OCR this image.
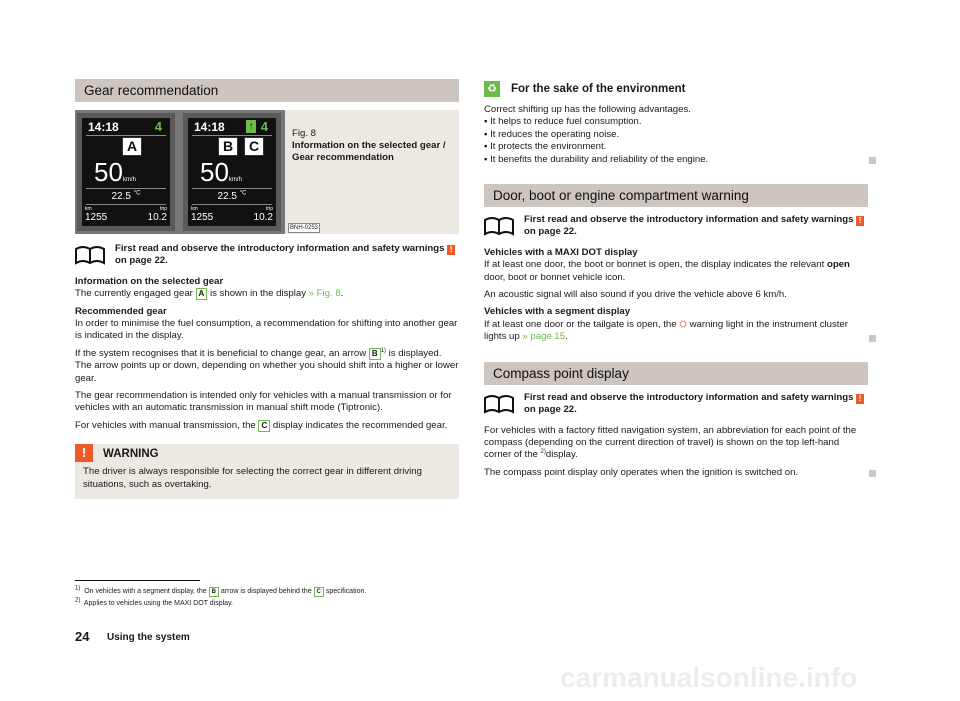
Gear recommendation
14:18	4
A
50km/h
22.5 $^{^\circ C}$
km	trip
1255	10.2
14:18 ↑ 4
B	C
50km/h
22.5 $^{^\circ C}$
km	trip
1255	10.2
BNH-0253
Fig. 8
Information on the selected gear / Gear recommendation
First read and observe the introductory information and safety warnings ! on page 22.

Information on the selected gear
The currently engaged gear A is shown in the display » Fig. 8.

Recommended gear
In order to minimise the fuel consumption, a recommendation for shifting into another gear is indicated in the display.

If the system recognises that it is beneficial to change gear, an arrow B $^{1)}$ is displayed. The arrow points up or down, depending on whether you should shift into a higher or lower gear.

The gear recommendation is intended only for vehicles with a manual transmission or for vehicles with an automatic transmission in manual shift mode (Tiptronic).

For vehicles with manual transmission, the C display indicates the recommended gear.

!	WARNING
The driver is always responsible for selecting the correct gear in different driving situations, such as overtaking.
♻ For the sake of the environment
Correct shifting up has the following advantages.
▪ It helps to reduce fuel consumption.
▪ It reduces the operating noise.
▪ It protects the environment.
▪ It benefits the durability and reliability of the engine.
Door, boot or engine compartment warning
First read and observe the introductory information and safety warnings ! on page 22.

Vehicles with a MAXI DOT display
If at least one door, the boot or bonnet is open, the display indicates the relevant open door, boot or bonnet vehicle icon.

An acoustic signal will also sound if you drive the vehicle above 6 km/h.

Vehicles with a segment display
If at least one door or the tailgate is open, the ⛭ warning light in the instrument cluster lights up » page 15.

Compass point display
First read and observe the introductory information and safety warnings ! on page 22.

For vehicles with a factory fitted navigation system, an abbreviation for each point of the compass (depending on the current direction of travel) is shown on the top left-hand corner of the $^{2)}$display.

The compass point display only operates when the ignition is switched on.

$^{1)}$ On vehicles with a segment display, the B arrow is displayed behind the C specification.
$^{2)}$ Applies to vehicles using the MAXI DOT display.
24 Using the system
carmanualsonline.info
